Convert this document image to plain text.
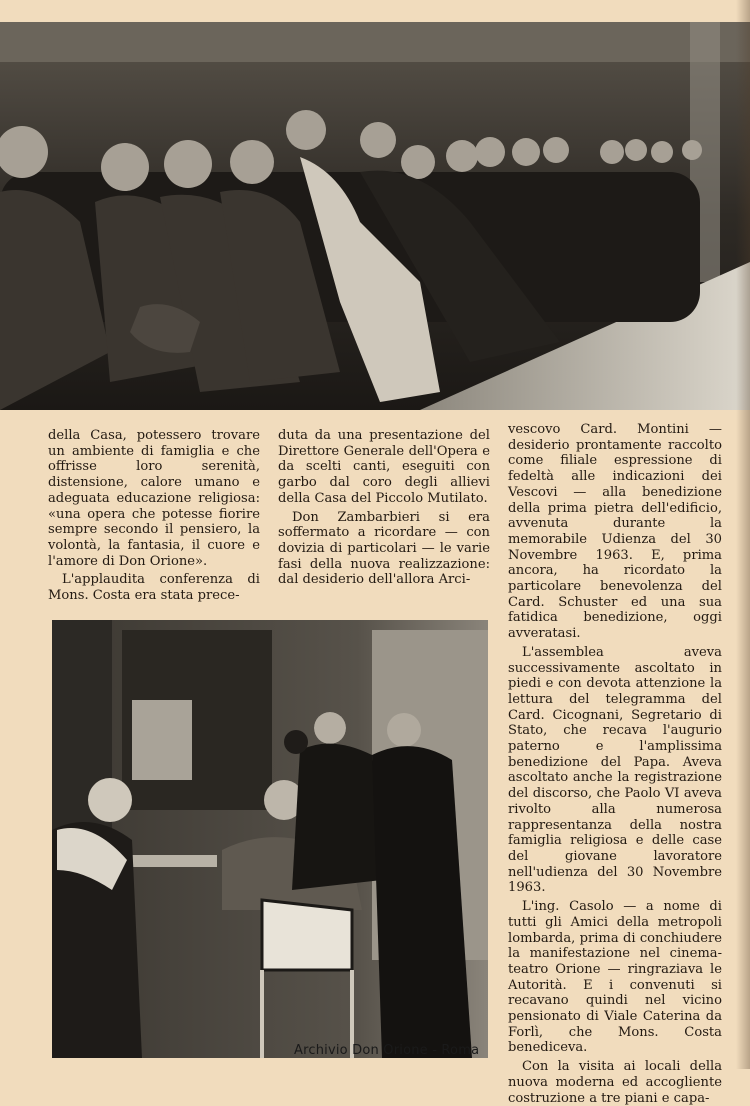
della Casa, potessero trovare un ambiente di famiglia e che offrisse loro serenità, distensione, calore umano e adeguata educazione religiosa: «una opera che potesse fiorire sempre secondo il pensiero, la volontà, la fantasia, il cuore e l'amore di Don Orione».

L'applaudita conferenza di Mons. Costa era stata prece-

duta da una presentazione del Direttore Generale dell'Opera e da scelti canti, eseguiti con garbo dal coro degli allievi della Casa del Piccolo Mutilato.

Don Zambarbieri si era soffermato a ricordare — con dovizia di particolari — le varie fasi della nuova realizzazione: dal desiderio dell'allora Arci-

vescovo Card. Montini — desiderio prontamente raccolto come filiale espressione di fedeltà alle indicazioni dei Vescovi — alla benedizione della prima pietra dell'edificio, avvenuta durante la memorabile Udienza del 30 Novembre 1963. E, prima ancora, ha ricordato la particolare benevolenza del Card. Schuster ed una sua fatidica benedizione, oggi avveratasi.

L'assemblea aveva successivamente ascoltato in piedi e con devota attenzione la lettura del telegramma del Card. Cicognani, Segretario di Stato, che recava l'augurio paterno e l'amplissima benedizione del Papa. Aveva ascoltato anche la registrazione del discorso, che Paolo VI aveva rivolto alla numerosa rappresentanza della nostra famiglia religiosa e delle case del giovane lavoratore nell'udienza del 30 Novembre 1963.

L'ing. Casolo — a nome di tutti gli Amici della metropoli lombarda, prima di conchiudere la manifestazione nel cinema-teatro Orione — ringraziava le Autorità. E i convenuti si recavano quindi nel vicino pensionato di Viale Caterina da Forlì, che Mons. Costa benediceva.

Con la visita ai locali della nuova moderna ed accogliente costruzione a tre piani e capa-

Archivio Don Orione - Roma
